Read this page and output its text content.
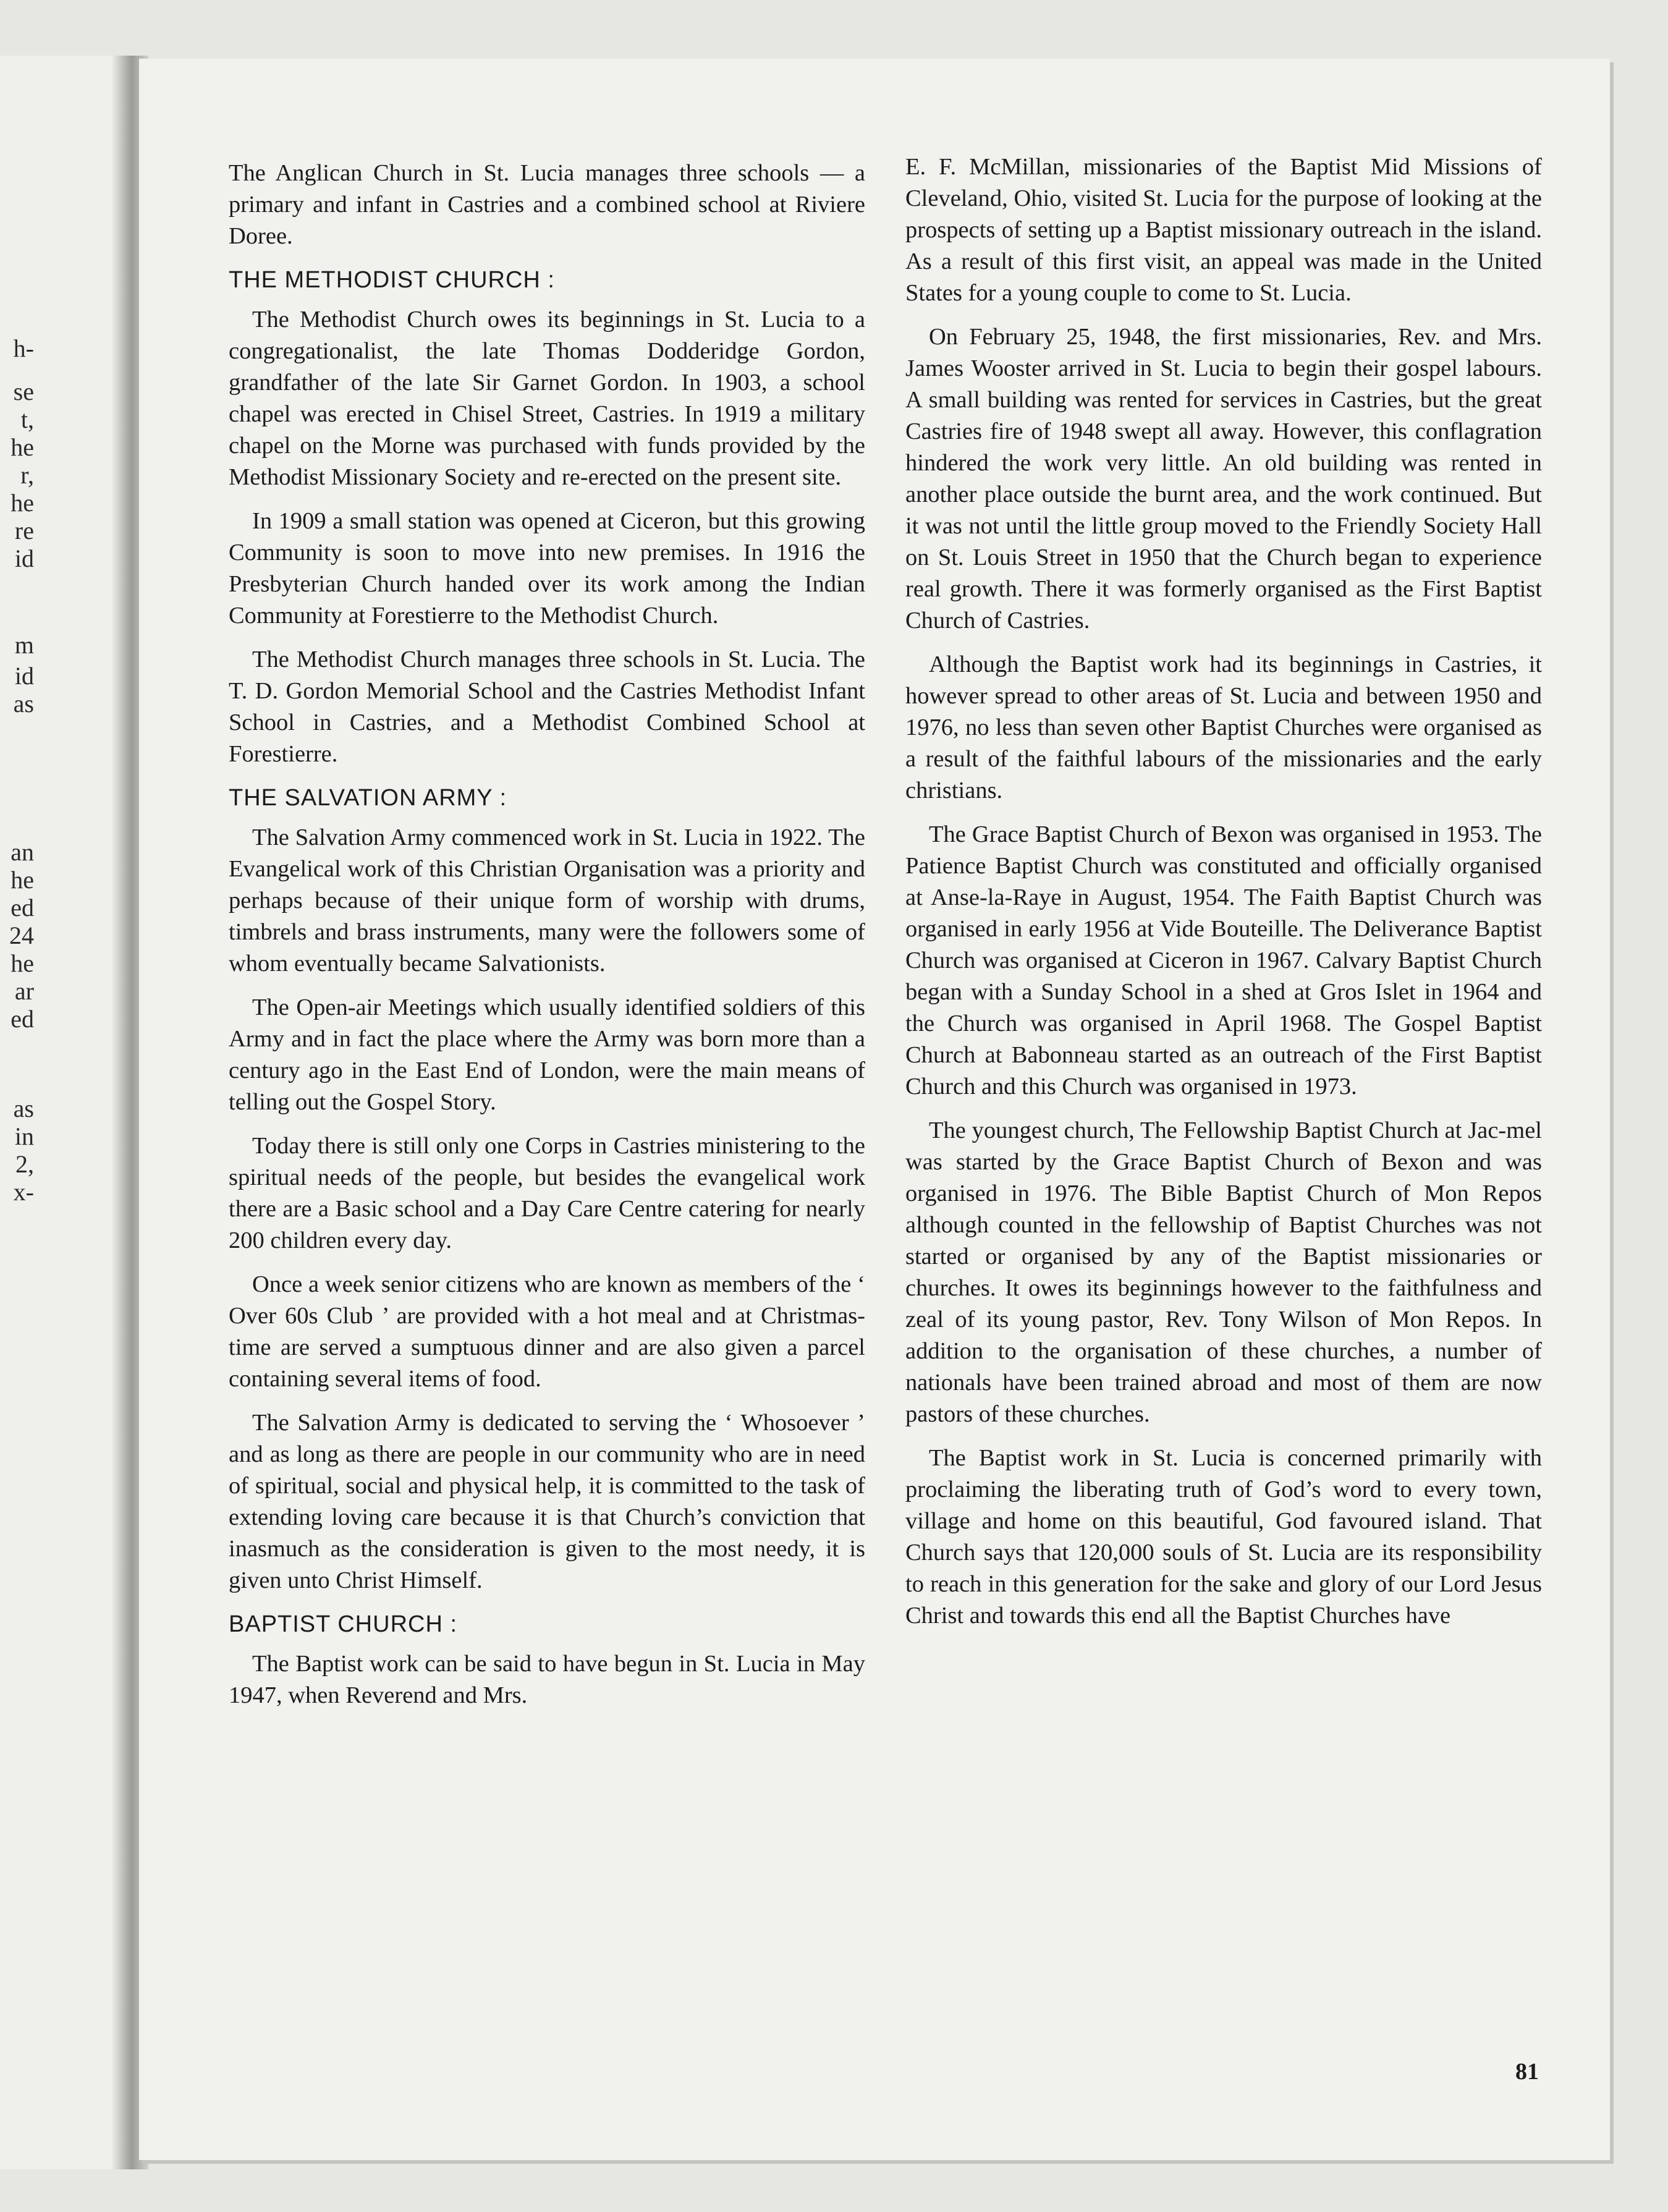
h-
se
t,
he
r,
he
re
id
m
id
as
an
he
ed
24
he
ar
ed
as
in
2,
x-

The Anglican Church in St. Lucia manages three schools — a primary and infant in Castries and a combined school at Riviere Doree.

THE METHODIST CHURCH :

The Methodist Church owes its beginnings in St. Lucia to a congregationalist, the late Thomas Dodderidge Gordon, grandfather of the late Sir Garnet Gordon. In 1903, a school chapel was erected in Chisel Street, Castries. In 1919 a military chapel on the Morne was purchased with funds provided by the Methodist Missionary Society and re-erected on the present site.

In 1909 a small station was opened at Ciceron, but this growing Community is soon to move into new premises. In 1916 the Presbyterian Church handed over its work among the Indian Community at Forestierre to the Methodist Church.

The Methodist Church manages three schools in St. Lucia. The T. D. Gordon Memorial School and the Castries Methodist Infant School in Castries, and a Methodist Combined School at Forestierre.

THE SALVATION ARMY :

The Salvation Army commenced work in St. Lucia in 1922. The Evangelical work of this Christian Organisation was a priority and perhaps because of their unique form of worship with drums, timbrels and brass instruments, many were the followers some of whom eventually became Salvationists.

The Open-air Meetings which usually identified soldiers of this Army and in fact the place where the Army was born more than a century ago in the East End of London, were the main means of telling out the Gospel Story.

Today there is still only one Corps in Castries ministering to the spiritual needs of the people, but besides the evangelical work there are a Basic school and a Day Care Centre catering for nearly 200 children every day.

Once a week senior citizens who are known as members of the ‘ Over 60s Club ’ are provided with a hot meal and at Christmas-time are served a sumptuous dinner and are also given a parcel containing several items of food.

The Salvation Army is dedicated to serving the ‘ Whosoever ’ and as long as there are people in our community who are in need of spiritual, social and physical help, it is committed to the task of extending loving care because it is that Church’s conviction that inasmuch as the consideration is given to the most needy, it is given unto Christ Himself.

BAPTIST CHURCH :

The Baptist work can be said to have begun in St. Lucia in May 1947, when Reverend and Mrs.

E. F. McMillan, missionaries of the Baptist Mid Missions of Cleveland, Ohio, visited St. Lucia for the purpose of looking at the prospects of setting up a Baptist missionary outreach in the island. As a result of this first visit, an appeal was made in the United States for a young couple to come to St. Lucia.

On February 25, 1948, the first missionaries, Rev. and Mrs. James Wooster arrived in St. Lucia to begin their gospel labours. A small building was rented for services in Castries, but the great Castries fire of 1948 swept all away. However, this conflagration hindered the work very little. An old building was rented in another place outside the burnt area, and the work continued. But it was not until the little group moved to the Friendly Society Hall on St. Louis Street in 1950 that the Church began to experience real growth. There it was formerly organised as the First Baptist Church of Castries.

Although the Baptist work had its beginnings in Castries, it however spread to other areas of St. Lucia and between 1950 and 1976, no less than seven other Baptist Churches were organised as a result of the faithful labours of the missionaries and the early christians.

The Grace Baptist Church of Bexon was organised in 1953. The Patience Baptist Church was constituted and officially organised at Anse-la-Raye in August, 1954. The Faith Baptist Church was organised in early 1956 at Vide Bouteille. The Deliverance Baptist Church was organised at Ciceron in 1967. Calvary Baptist Church began with a Sunday School in a shed at Gros Islet in 1964 and the Church was organised in April 1968. The Gospel Baptist Church at Babonneau started as an outreach of the First Baptist Church and this Church was organised in 1973.

The youngest church, The Fellowship Baptist Church at Jac-mel was started by the Grace Baptist Church of Bexon and was organised in 1976. The Bible Baptist Church of Mon Repos although counted in the fellowship of Baptist Churches was not started or organised by any of the Baptist missionaries or churches. It owes its beginnings however to the faithfulness and zeal of its young pastor, Rev. Tony Wilson of Mon Repos. In addition to the organisation of these churches, a number of nationals have been trained abroad and most of them are now pastors of these churches.

The Baptist work in St. Lucia is concerned primarily with proclaiming the liberating truth of God’s word to every town, village and home on this beautiful, God favoured island. That Church says that 120,000 souls of St. Lucia are its responsibility to reach in this generation for the sake and glory of our Lord Jesus Christ and towards this end all the Baptist Churches have

81
